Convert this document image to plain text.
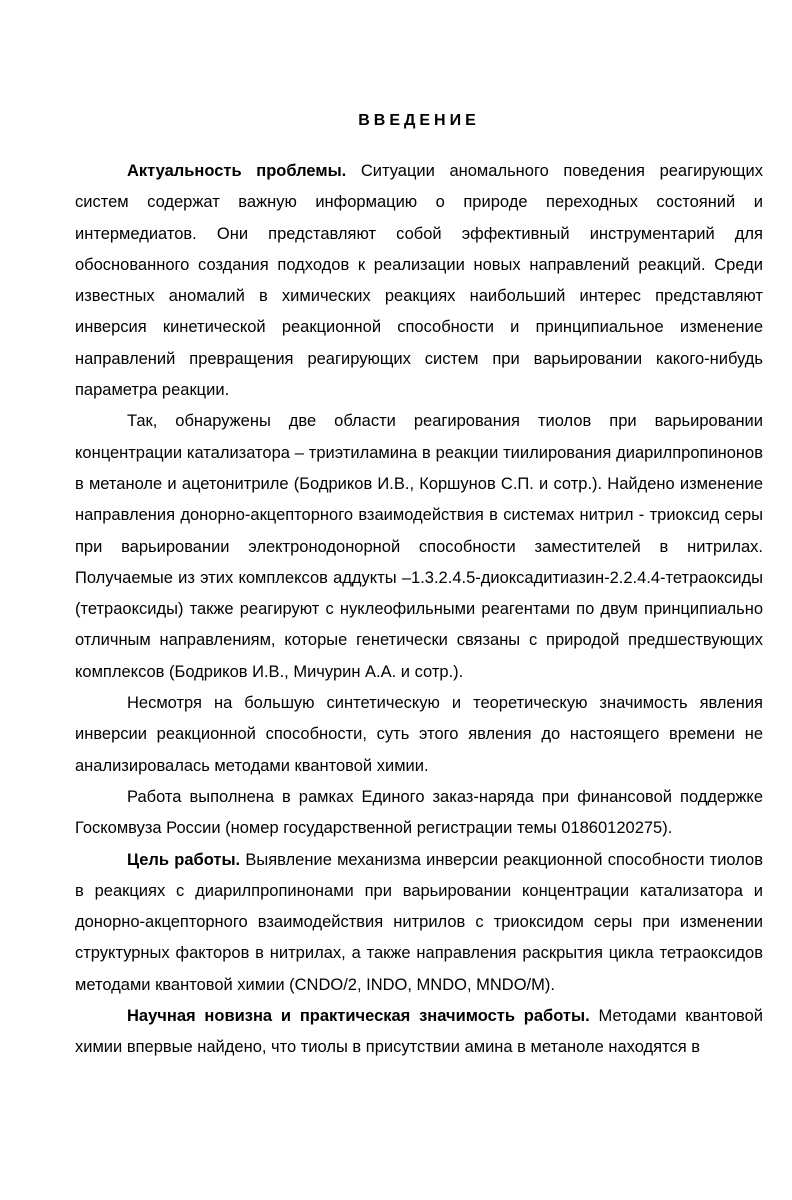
ВВЕДЕНИЕ

Актуальность проблемы. Ситуации аномального поведения реагирующих систем содержат важную информацию о природе переходных состояний и интермедиатов. Они представляют собой эффективный инструментарий для обоснованного создания подходов к реализации новых направлений реакций. Среди известных аномалий в химических реакциях наибольший интерес представляют инверсия кинетической реакционной способности и принципиальное изменение направлений превращения реагирующих систем при варьировании какого-нибудь параметра реакции.

Так, обнаружены две области реагирования тиолов при варьировании концентрации катализатора – триэтиламина в реакции тиилирования диарилпропинонов в метаноле и ацетонитриле (Бодриков И.В., Коршунов С.П. и сотр.). Найдено изменение направления донорно-акцепторного взаимодействия в системах нитрил - триоксид серы при варьировании электронодонорной способности заместителей в нитрилах. Получаемые из этих комплексов аддукты –1.3.2.4.5-диоксадитиазин-2.2.4.4-тетраоксиды (тетраоксиды) также реагируют с нуклеофильными реагентами по двум принципиально отличным направлениям, которые генетически связаны с природой предшествующих комплексов (Бодриков И.В., Мичурин А.А. и сотр.).

Несмотря на большую синтетическую и теоретическую значимость явления инверсии реакционной способности, суть этого явления до настоящего времени не анализировалась методами квантовой химии.

Работа выполнена в рамках Единого заказ-наряда при финансовой поддержке Госкомвуза России (номер государственной регистрации темы 01860120275).

Цель работы. Выявление механизма инверсии реакционной способности тиолов в реакциях с диарилпропинонами при варьировании концентрации катализатора и донорно-акцепторного взаимодействия нитрилов с триоксидом серы при изменении структурных факторов в нитрилах, а также направления раскрытия цикла тетраоксидов методами квантовой химии (CNDO/2, INDO, MNDO, MNDO/M).

Научная новизна и практическая значимость работы. Методами квантовой химии впервые найдено, что тиолы в присутствии амина в метаноле находятся в
